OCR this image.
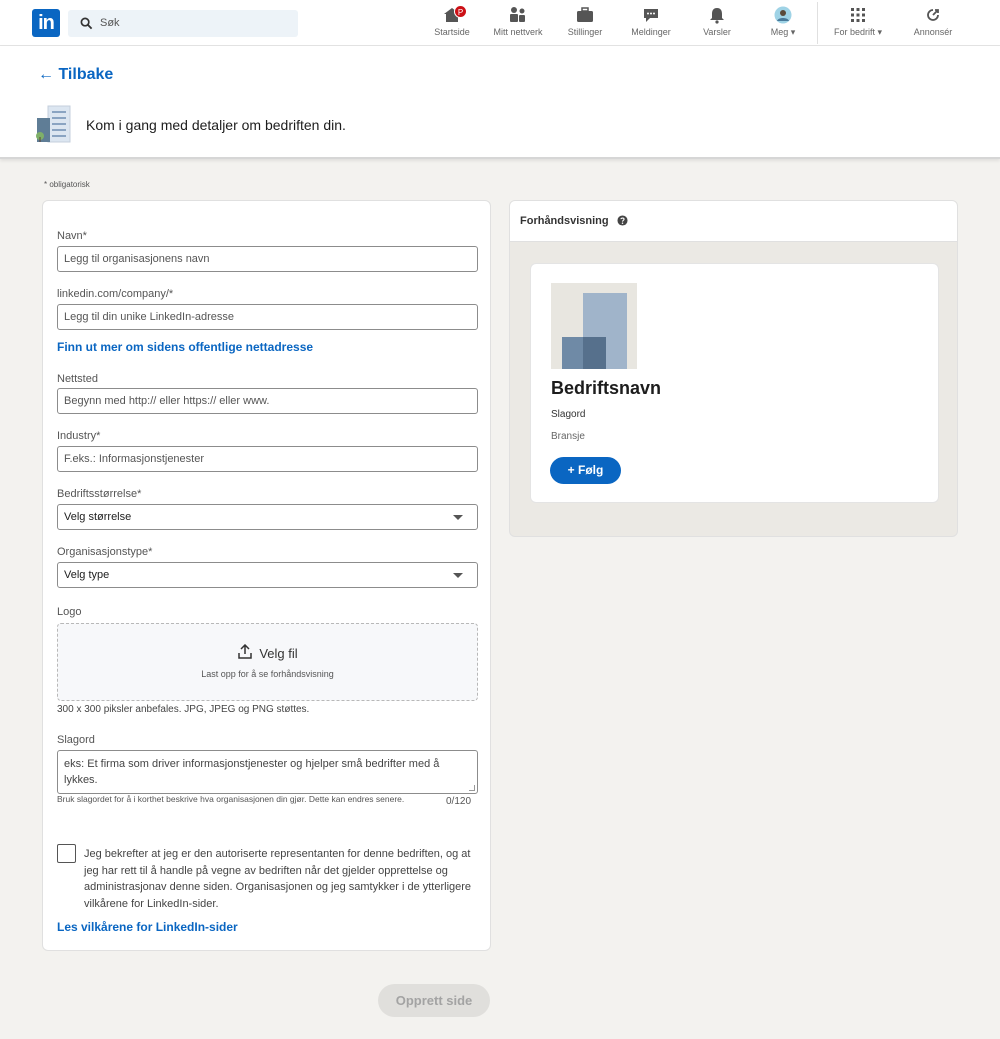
in	Søk
P
Startside	Mitt nettverk	Stillinger	Meldinger	Varsler	Meg ▾	For bedrift ▾	Annonsér
← Tilbake
Kom i gang med detaljer om bedriften din.
* obligatorisk
Navn*
Legg til organisasjonens navn
linkedin.com/company/*
Legg til din unike LinkedIn-adresse
Finn ut mer om sidens offentlige nettadresse
Nettsted
Begynn med http:// eller https:// eller www.
Industry*
F.eks.: Informasjonstjenester
Bedriftsstørrelse*
Velg størrelse
Organisasjonstype*
Velg type
Logo
Velg fil
Last opp for å se forhåndsvisning
300 x 300 piksler anbefales. JPG, JPEG og PNG støttes.
Slagord
eks: Et firma som driver informasjonstjenester og hjelper små bedrifter med å lykkes.
Bruk slagordet for å i korthet beskrive hva organisasjonen din gjør. Dette kan endres senere.	0/120
Jeg bekrefter at jeg er den autoriserte representanten for denne bedriften, og at jeg har rett til å handle på vegne av bedriften når det gjelder opprettelse og administrasjonav denne siden. Organisasjonen og jeg samtykker i de ytterligere vilkårene for LinkedIn-sider.
Les vilkårene for LinkedIn-sider
Forhåndsvisning
Bedriftsnavn
Slagord
Bransje
+ Følg
Opprett side
